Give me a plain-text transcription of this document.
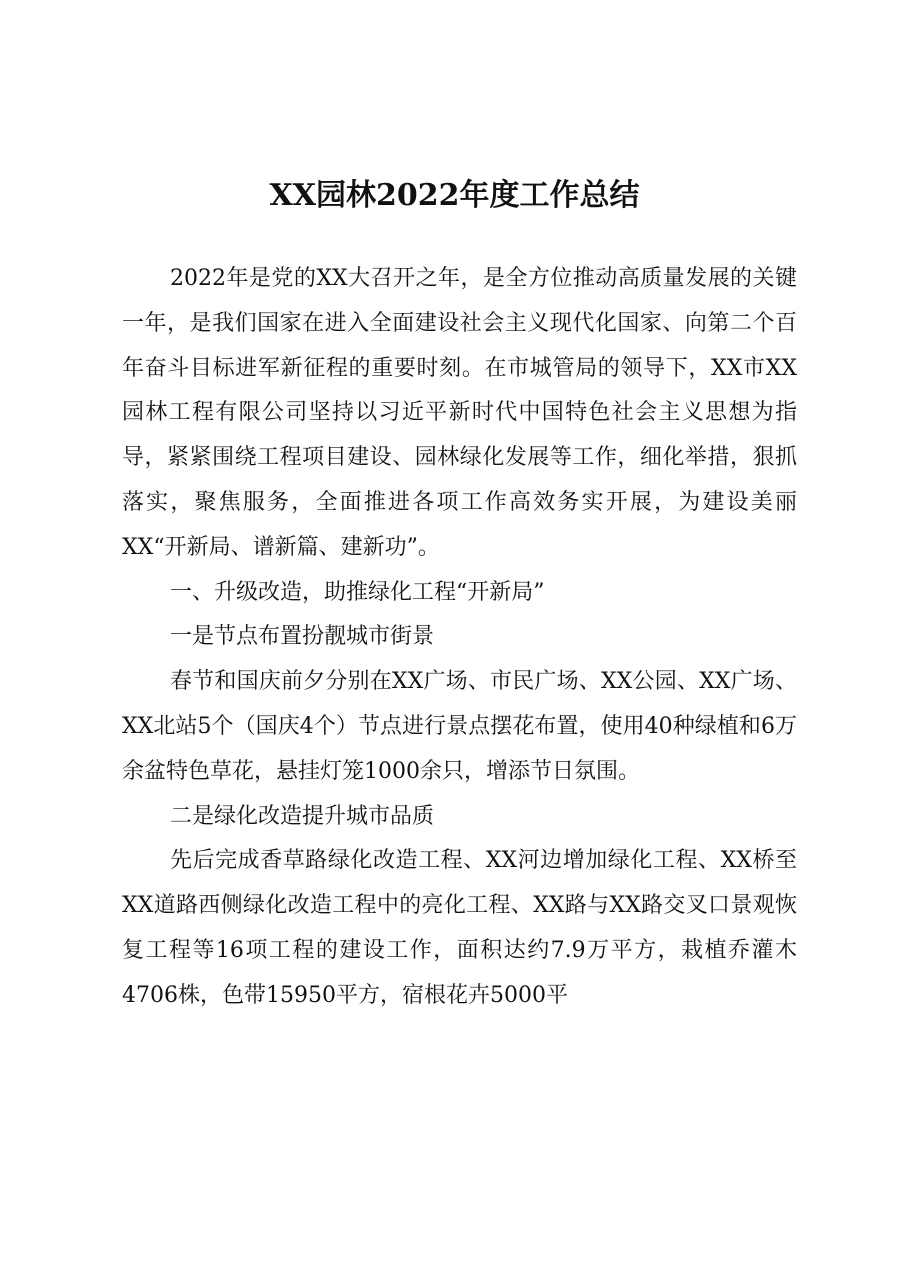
XX园林2022年度工作总结

2022年是党的XX大召开之年，是全方位推动高质量发展的关键一年，是我们国家在进入全面建设社会主义现代化国家、向第二个百年奋斗目标进军新征程的重要时刻。在市城管局的领导下，XX市XX园林工程有限公司坚持以习近平新时代中国特色社会主义思想为指导，紧紧围绕工程项目建设、园林绿化发展等工作，细化举措，狠抓落实，聚焦服务，全面推进各项工作高效务实开展，为建设美丽XX“开新局、谱新篇、建新功”。

一、升级改造，助推绿化工程“开新局”

一是节点布置扮靓城市街景

春节和国庆前夕分别在XX广场、市民广场、XX公园、XX广场、XX北站5个（国庆4个）节点进行景点摆花布置，使用40种绿植和6万余盆特色草花，悬挂灯笼1000余只，增添节日氛围。

二是绿化改造提升城市品质

先后完成香草路绿化改造工程、XX河边增加绿化工程、XX桥至XX道路西侧绿化改造工程中的亮化工程、XX路与XX路交叉口景观恢复工程等16项工程的建设工作，面积达约7.9万平方，栽植乔灌木4706株，色带15950平方，宿根花卉5000平
